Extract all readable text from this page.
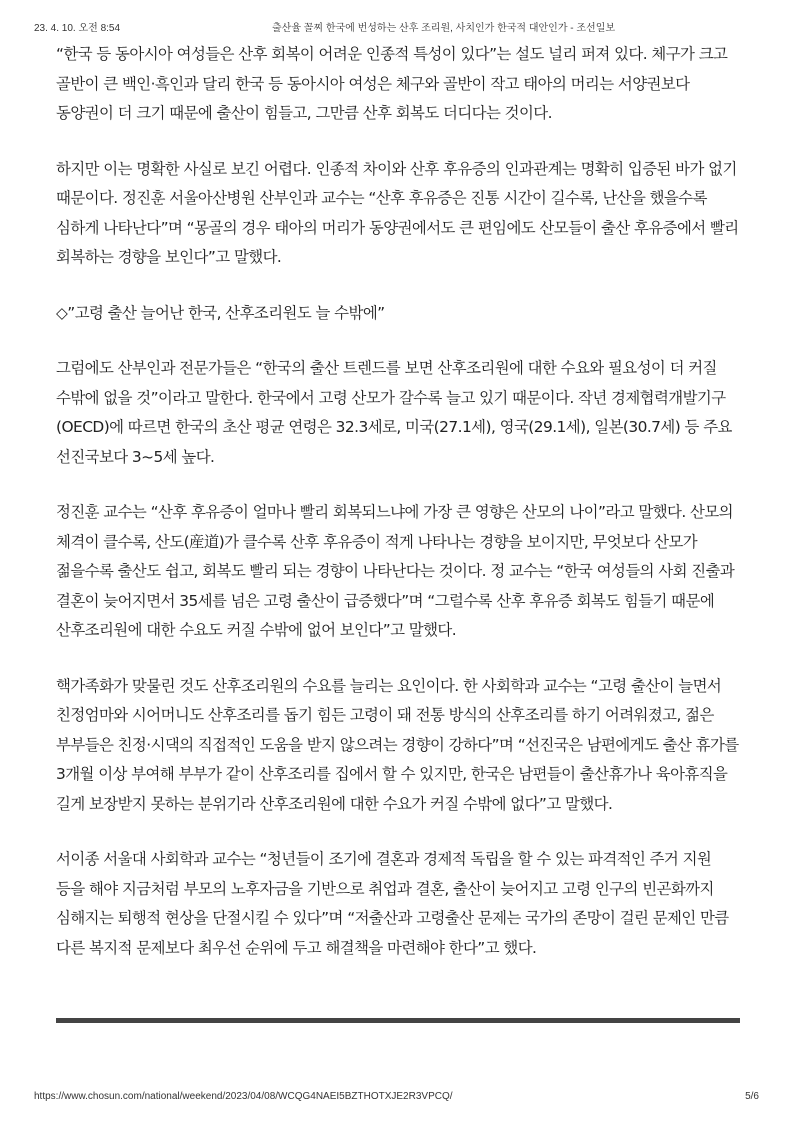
23. 4. 10. 오전 8:54	출산율 꼴찌 한국에 번성하는 산후 조리원, 사치인가 한국적 대안인가 - 조선일보

“한국 등 동아시아 여성들은 산후 회복이 어려운 인종적 특성이 있다”는 설도 널리 퍼져 있다. 체구가 크고 골반이 큰 백인·흑인과 달리 한국 등 동아시아 여성은 체구와 골반이 작고 태아의 머리는 서양권보다 동양권이 더 크기 때문에 출산이 힘들고, 그만큼 산후 회복도 더디다는 것이다.

하지만 이는 명확한 사실로 보긴 어렵다. 인종적 차이와 산후 후유증의 인과관계는 명확히 입증된 바가 없기 때문이다. 정진훈 서울아산병원 산부인과 교수는 “산후 후유증은 진통 시간이 길수록, 난산을 했을수록 심하게 나타난다”며 “몽골의 경우 태아의 머리가 동양권에서도 큰 편임에도 산모들이 출산 후유증에서 빨리 회복하는 경향을 보인다”고 말했다.

◇”고령 출산 늘어난 한국, 산후조리원도 늘 수밖에”

그럼에도 산부인과 전문가들은 “한국의 출산 트렌드를 보면 산후조리원에 대한 수요와 필요성이 더 커질 수밖에 없을 것”이라고 말한다. 한국에서 고령 산모가 갈수록 늘고 있기 때문이다. 작년 경제협력개발기구(OECD)에 따르면 한국의 초산 평균 연령은 32.3세로, 미국(27.1세), 영국(29.1세), 일본(30.7세) 등 주요 선진국보다 3~5세 높다.

정진훈 교수는 “산후 후유증이 얼마나 빨리 회복되느냐에 가장 큰 영향은 산모의 나이”라고 말했다. 산모의 체격이 클수록, 산도(産道)가 클수록 산후 후유증이 적게 나타나는 경향을 보이지만, 무엇보다 산모가 젊을수록 출산도 쉽고, 회복도 빨리 되는 경향이 나타난다는 것이다. 정 교수는 “한국 여성들의 사회 진출과 결혼이 늦어지면서 35세를 넘은 고령 출산이 급증했다”며 “그럴수록 산후 후유증 회복도 힘들기 때문에 산후조리원에 대한 수요도 커질 수밖에 없어 보인다”고 말했다.

핵가족화가 맞물린 것도 산후조리원의 수요를 늘리는 요인이다. 한 사회학과 교수는 “고령 출산이 늘면서 친정엄마와 시어머니도 산후조리를 돕기 힘든 고령이 돼 전통 방식의 산후조리를 하기 어려워졌고, 젊은 부부들은 친정·시댁의 직접적인 도움을 받지 않으려는 경향이 강하다”며 “선진국은 남편에게도 출산 휴가를 3개월 이상 부여해 부부가 같이 산후조리를 집에서 할 수 있지만, 한국은 남편들이 출산휴가나 육아휴직을 길게 보장받지 못하는 분위기라 산후조리원에 대한 수요가 커질 수밖에 없다”고 말했다.

서이종 서울대 사회학과 교수는 “청년들이 조기에 결혼과 경제적 독립을 할 수 있는 파격적인 주거 지원 등을 해야 지금처럼 부모의 노후자금을 기반으로 취업과 결혼, 출산이 늦어지고 고령 인구의 빈곤화까지 심해지는 퇴행적 현상을 단절시킬 수 있다”며 “저출산과 고령출산 문제는 국가의 존망이 걸린 문제인 만큼 다른 복지적 문제보다 최우선 순위에 두고 해결책을 마련해야 한다”고 했다.

https://www.chosun.com/national/weekend/2023/04/08/WCQG4NAEI5BZTHOTXJE2R3VPCQ/	5/6
